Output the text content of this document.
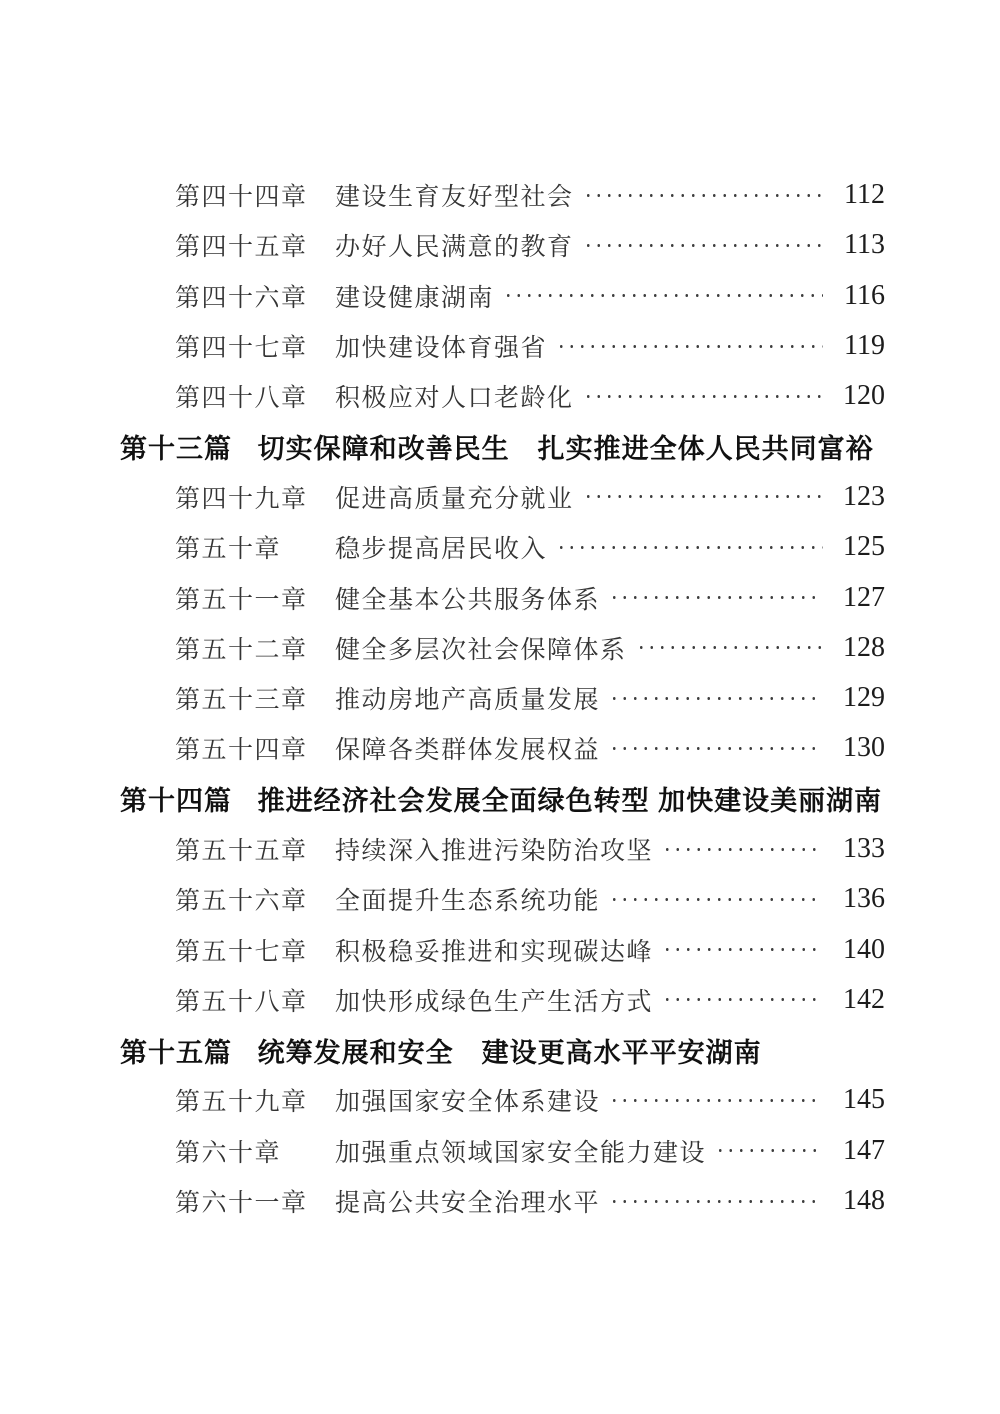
第四十四章	建设生育友好型社会	112
第四十五章	办好人民满意的教育	113
第四十六章	建设健康湖南	116
第四十七章	加快建设体育强省	119
第四十八章	积极应对人口老龄化	120
第十三篇 切实保障和改善民生　扎实推进全体人民共同富裕
第四十九章	促进高质量充分就业	123
第五十章	稳步提高居民收入	125
第五十一章	健全基本公共服务体系	127
第五十二章	健全多层次社会保障体系	128
第五十三章	推动房地产高质量发展	129
第五十四章	保障各类群体发展权益	130
第十四篇 推进经济社会发展全面绿色转型 加快建设美丽湖南
第五十五章	持续深入推进污染防治攻坚	133
第五十六章	全面提升生态系统功能	136
第五十七章	积极稳妥推进和实现碳达峰	140
第五十八章	加快形成绿色生产生活方式	142
第十五篇 统筹发展和安全　建设更高水平平安湖南
第五十九章	加强国家安全体系建设	145
第六十章	加强重点领域国家安全能力建设	147
第六十一章	提高公共安全治理水平	148
